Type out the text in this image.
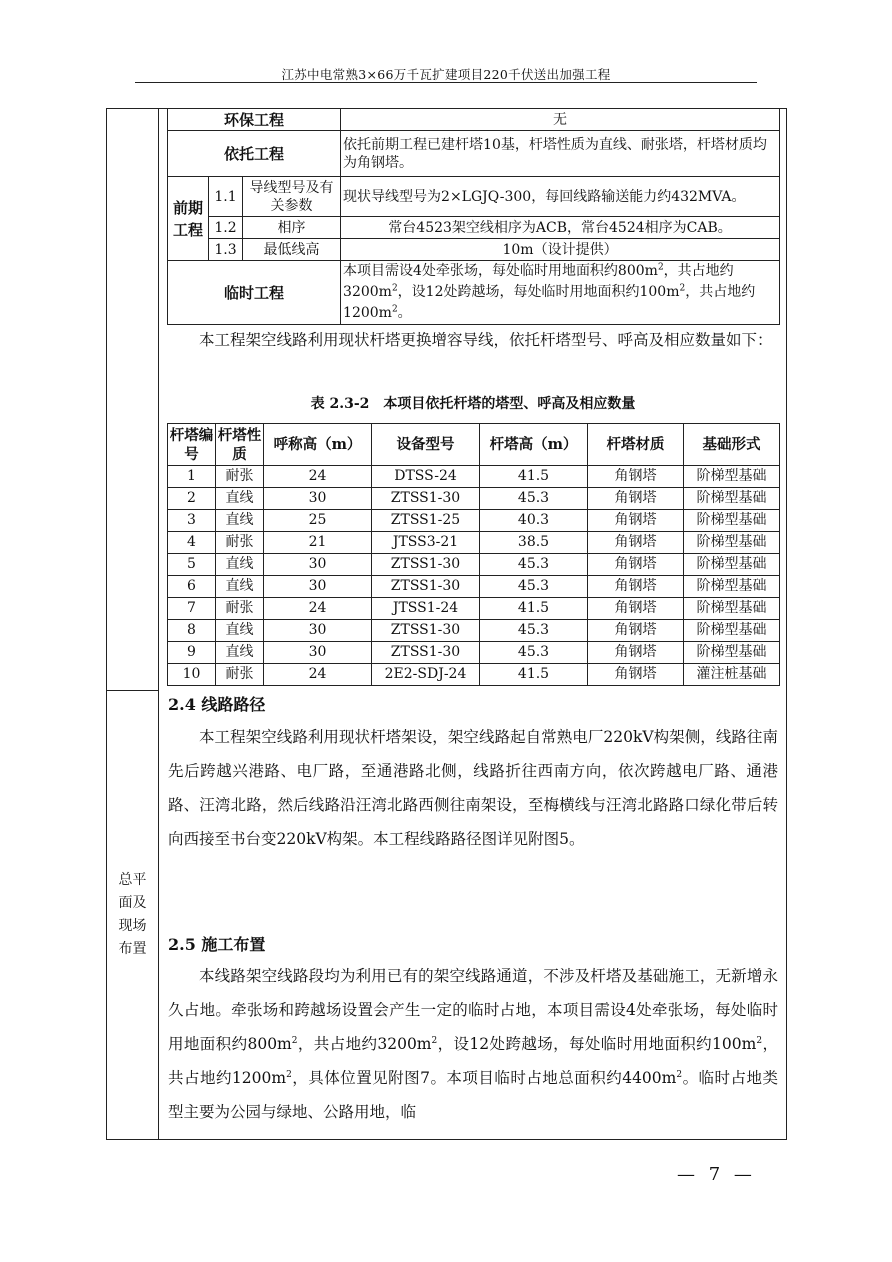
江苏中电常熟3×66万千瓦扩建项目220千伏送出加强工程
总平
面及
现场
布置
环保工程			无
依托工程			依托前期工程已建杆塔10基，杆塔性质为直线、耐张塔，杆塔材质均为角钢塔。
前期工程	1.1	导线型号及有关参数	现状导线型号为2×LGJQ-300，每回线路输送能力约432MVA。
	1.2	相序	常台4523架空线相序为ACB，常台4524相序为CAB。
	1.3	最低线高	10m（设计提供）
临时工程			本项目需设4处牵张场，每处临时用地面积约$800m^2$，共占地约$3200m^2$，设12处跨越场，每处临时用地面积约$100m^2$，共占地约$1200m^2$。
本工程架空线路利用现状杆塔更换增容导线，依托杆塔型号、呼高及相应数量如下：
表 2.3-2　本项目依托杆塔的塔型、呼高及相应数量
杆塔编号	杆塔性质	呼称高（m）	设备型号	杆塔高（m）	杆塔材质	基础形式
1	耐张	24	DTSS-24	41.5	角钢塔	阶梯型基础
2	直线	30	ZTSS1-30	45.3	角钢塔	阶梯型基础
3	直线	25	ZTSS1-25	40.3	角钢塔	阶梯型基础
4	耐张	21	JTSS3-21	38.5	角钢塔	阶梯型基础
5	直线	30	ZTSS1-30	45.3	角钢塔	阶梯型基础
6	直线	30	ZTSS1-30	45.3	角钢塔	阶梯型基础
7	耐张	24	JTSS1-24	41.5	角钢塔	阶梯型基础
8	直线	30	ZTSS1-30	45.3	角钢塔	阶梯型基础
9	直线	30	ZTSS1-30	45.3	角钢塔	阶梯型基础
10	耐张	24	2E2-SDJ-24	41.5	角钢塔	灌注桩基础
2.4 线路路径
本工程架空线路利用现状杆塔架设，架空线路起自常熟电厂220kV构架侧，线路往南先后跨越兴港路、电厂路，至通港路北侧，线路折往西南方向，依次跨越电厂路、通港路、汪湾北路，然后线路沿汪湾北路西侧往南架设，至梅横线与汪湾北路路口绿化带后转向西接至书台变220kV构架。本工程线路路径图详见附图5。
2.5 施工布置
本线路架空线路段均为利用已有的架空线路通道，不涉及杆塔及基础施工，无新增永久占地。牵张场和跨越场设置会产生一定的临时占地，本项目需设4处牵张场，每处临时用地面积约$800m^2$，共占地约$3200m^2$，设12处跨越场，每处临时用地面积约$100m^2$，共占地约$1200m^2$，具体位置见附图7。本项目临时占地总面积约$4400m^2$。临时占地类型主要为公园与绿地、公路用地，临
— 7 —
